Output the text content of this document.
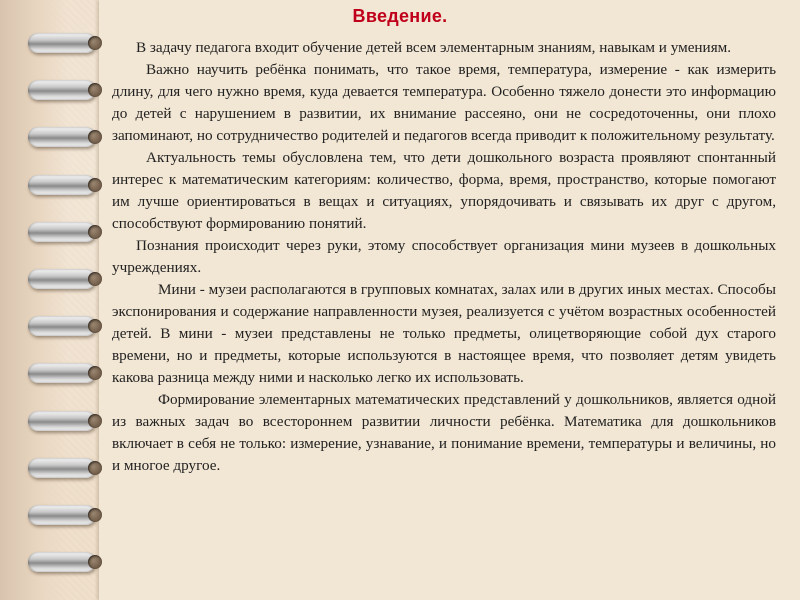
Введение.

В задачу педагога входит обучение детей всем элементарным знаниям, навыкам и умениям.

Важно научить ребёнка понимать, что такое время, температура, измерение - как измерить длину, для чего нужно время, куда девается температура. Особенно тяжело донести это информацию до детей с нарушением в развитии, их внимание рассеяно, они не сосредоточенны, они плохо запоминают, но сотрудничество родителей и педагогов всегда приводит к положительному результату.

Актуальность темы обусловлена тем, что дети дошкольного возраста проявляют спонтанный интерес к математическим категориям: количество, форма, время, пространство, которые помогают им лучше ориентироваться в вещах и ситуациях, упорядочивать и связывать их друг с другом, способствуют формированию понятий.

Познания происходит через руки, этому способствует организация мини музеев в дошкольных учреждениях.

Мини - музеи располагаются в групповых комнатах, залах или в других иных местах. Способы экспонирования и содержание направленности музея, реализуется с учётом возрастных особенностей детей. В мини - музеи представлены не только предметы, олицетворяющие собой дух старого времени, но и предметы, которые используются в настоящее время, что позволяет детям увидеть какова разница между ними и насколько легко их использовать.

Формирование элементарных математических представлений у дошкольников, является одной из важных задач во всестороннем развитии личности ребёнка. Математика для дошкольников включает в себя не только: измерение, узнавание, и понимание времени, температуры и величины, но и многое другое.
